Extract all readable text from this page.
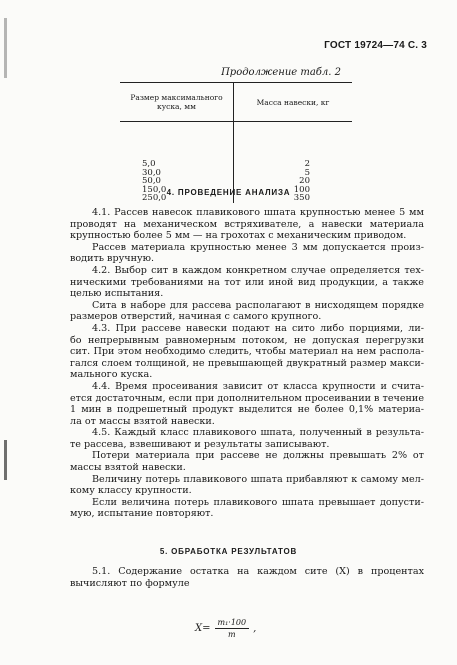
ГОСТ 19724—74 С. 3
Продолжение табл. 2
Размер максимального куска, мм	Масса навески, кг
5,0
30,0
50,0
150,0
250,0
2
5
20
100
350
4. ПРОВЕДЕНИЕ АНАЛИЗА
4.1. Рассев навесок плавикового шпата крупностью менее 5 мм
проводят на механическом встряхивателе, а навески материала
крупностью более 5 мм — на грохотах с механическим приводом.
Рассев материала крупностью менее 3 мм допускается произ-
водить вручную.
4.2. Выбор сит в каждом конкретном случае определяется тех-
ническими требованиями на тот или иной вид продукции, а также
целью испытания.
Сита в наборе для рассева располагают в нисходящем порядке
размеров отверстий, начиная с самого крупного.
4.3. При рассеве навески подают на сито либо порциями, ли-
бо непрерывным равномерным потоком, не допуская перегрузки
сит. При этом необходимо следить, чтобы материал на нем распола-
гался слоем толщиной, не превышающей двукратный размер макси-
мального куска.
4.4. Время просеивания зависит от класса крупности и счита-
ется достаточным, если при дополнительном просеивании в течение
1 мин в подрешетный продукт выделится не более 0,1% материа-
ла от массы взятой навески.
4.5. Каждый класс плавикового шпата, полученный в результа-
те рассева, взвешивают и результаты записывают.
Потери материала при рассеве не должны превышать 2% от
массы взятой навески.
Величину потерь плавикового шпата прибавляют к самому мел-
кому классу крупности.
Если величина потерь плавикового шпата превышает допусти-
мую, испытание повторяют.
5. ОБРАБОТКА РЕЗУЛЬТАТОВ
5.1. Содержание остатка на каждом сите (X) в процентах
вычисляют по формуле
$X= \frac{\text{m₁·100}}{m}$ ,
